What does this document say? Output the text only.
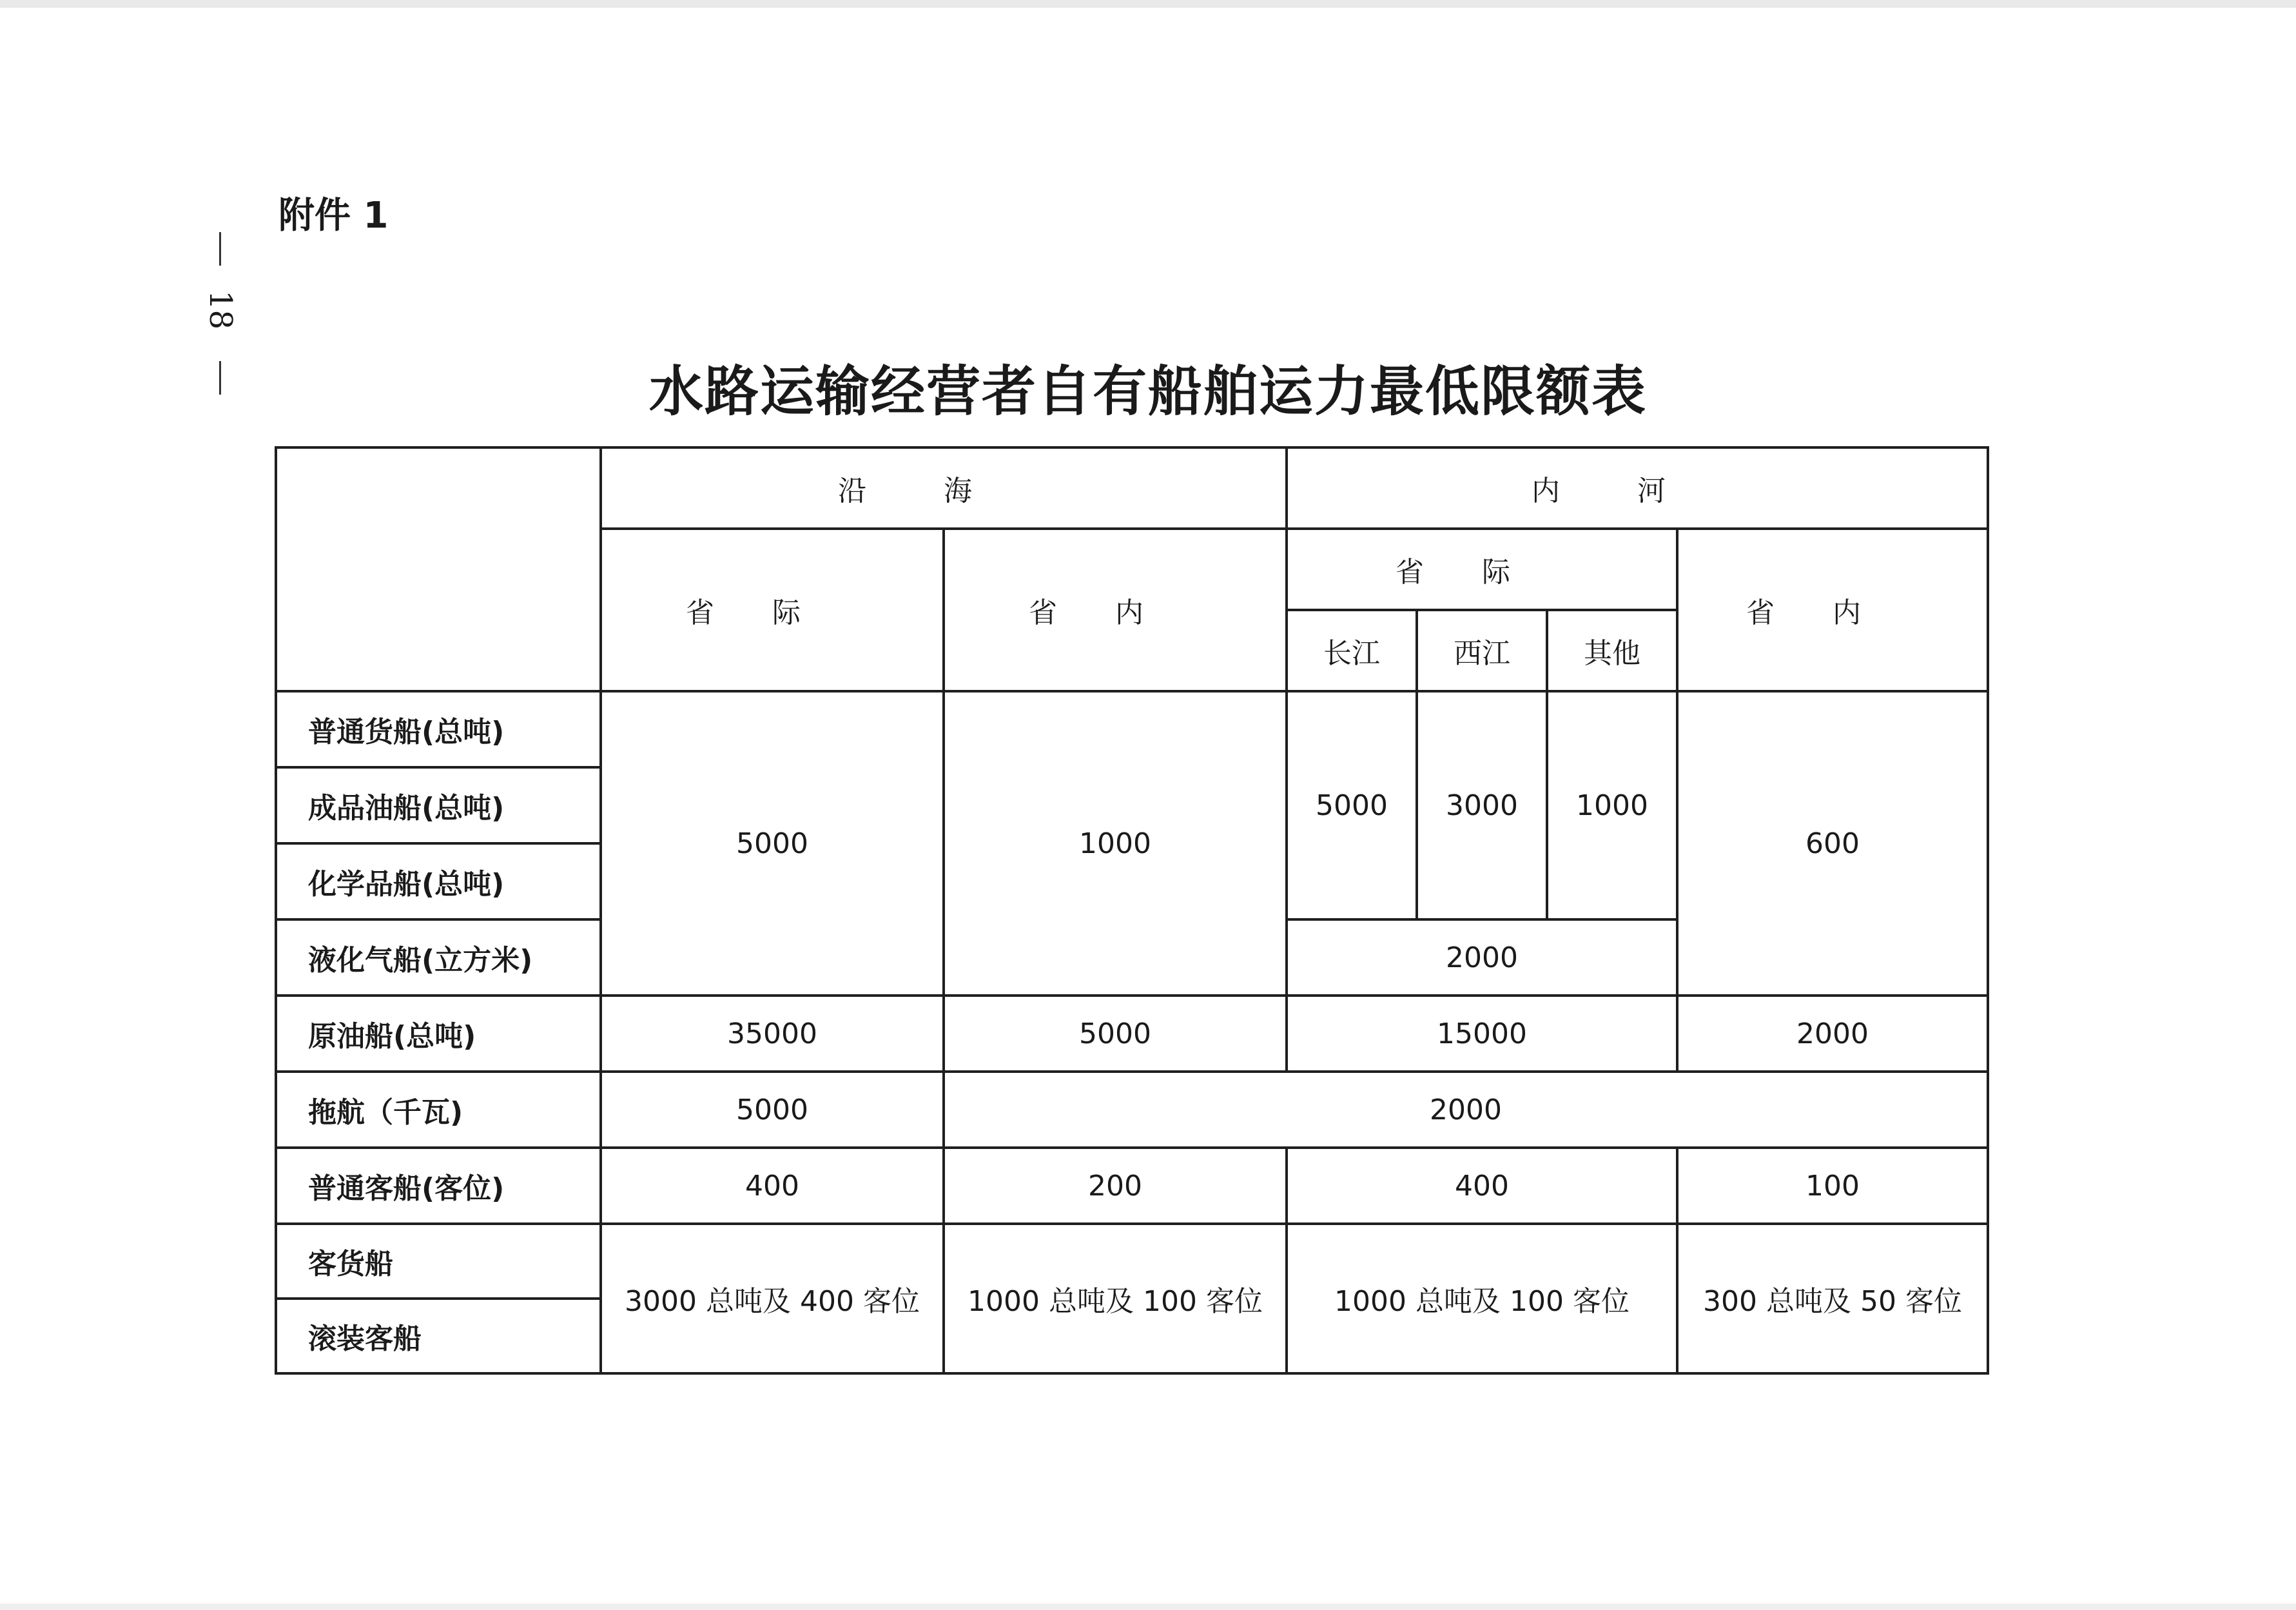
18
附件 1
水路运输经营者自有船舶运力最低限额表
	沿海		内河			
	省际	省内	省际			省内
			长江	西江	其他	
普通货船(总吨)	5000	1000	5000	3000	1000	600
成品油船(总吨)						
化学品船(总吨)						
液化气船(立方米)			2000			
原油船(总吨)	35000	5000	15000			2000
拖航（千瓦)	5000	2000				
普通客船(客位)	400	200	400			100
客货船	3000 总吨及 400 客位	1000 总吨及 100 客位	1000 总吨及 100 客位			300 总吨及 50 客位
滚装客船						
